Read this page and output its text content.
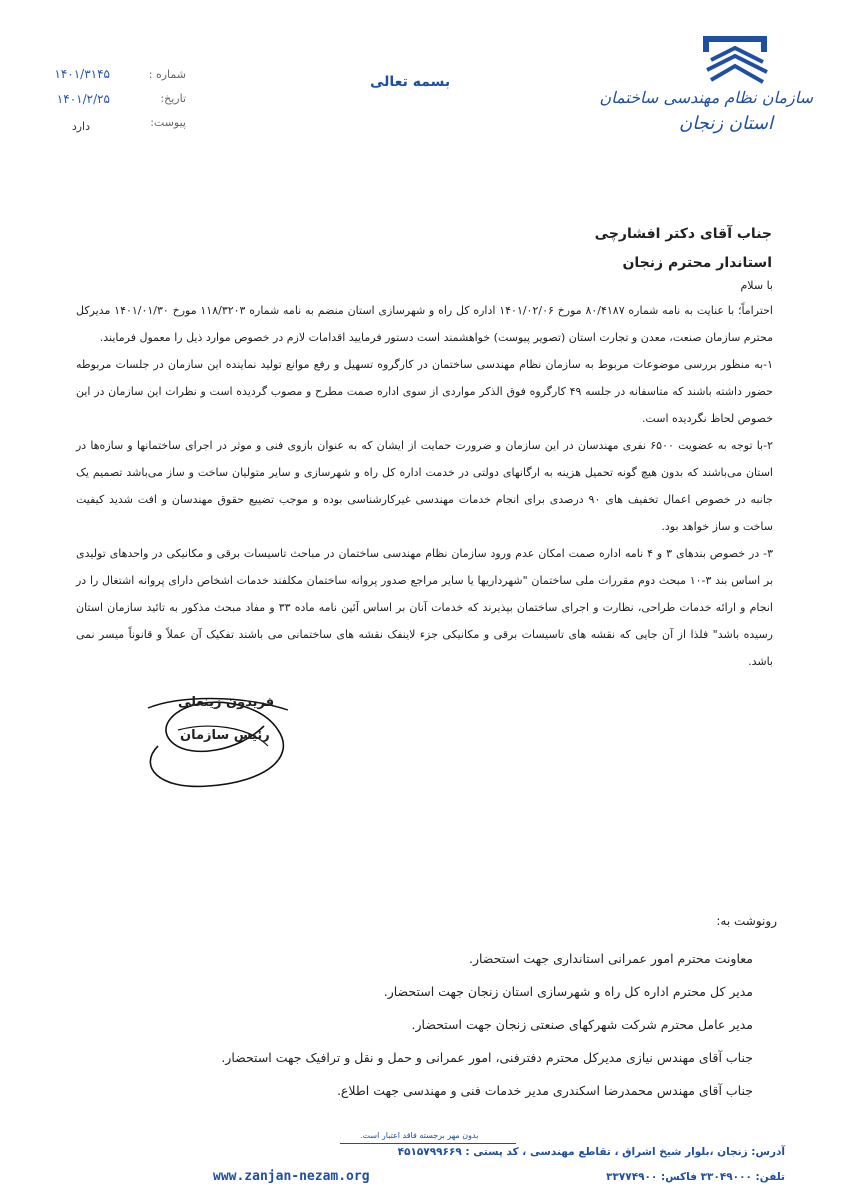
سازمان نظام مهندسی ساختمان
استان زنجان
بسمه تعالی
شماره :
۱۴۰۱/۳۱۴۵
تاریخ:
۱۴۰۱/۲/۲۵
پیوست:
دارد
جناب آقای دکتر افشارچی
استاندار محترم زنجان
با سلام

احتراماً؛ با عنایت به نامه شماره ۸۰/۴۱۸۷ مورخ ۱۴۰۱/۰۲/۰۶ اداره کل راه و شهرسازی استان منضم به نامه شماره ۱۱۸/۳۲۰۳ مورخ ۱۴۰۱/۰۱/۳۰ مدیرکل محترم سازمان صنعت، معدن و تجارت استان (تصویر پیوست) خواهشمند است دستور فرمایید اقدامات لازم در خصوص موارد ذیل را معمول فرمایند.

۱-به منظور بررسی موضوعات مربوط به سازمان نظام مهندسی ساختمان در کارگروه تسهیل و رفع موانع تولید نماینده این سازمان در جلسات مربوطه حضور داشته باشند که متاسفانه در جلسه ۴۹ کارگروه فوق الذکر مواردی از سوی اداره صمت مطرح و مصوب گردیده است و نظرات این سازمان در این خصوص لحاظ نگردیده است.

۲-با توجه به عضویت ۶۵۰۰ نفری مهندسان در این سازمان و ضرورت حمایت از ایشان که به عنوان بازوی فنی و موثر در اجرای ساختمانها و سازه‌ها در استان می‌باشند که بدون هیچ گونه تحمیل هزینه به ارگانهای دولتی در خدمت اداره کل راه و شهرسازی و سایر متولیان ساخت و ساز می‌باشد تصمیم یک جانبه در خصوص اعمال تخفیف های ۹۰ درصدی برای انجام خدمات مهندسی غیرکارشناسی بوده و موجب تضییع حقوق مهندسان و افت شدید کیفیت ساخت و ساز خواهد بود.

۳- در خصوص بندهای ۳ و ۴ نامه اداره صمت امکان عدم ورود سازمان نظام مهندسی ساختمان در مباحث تاسیسات برقی و مکانیکی در واحدهای تولیدی بر اساس بند ۳-۱۰ مبحث دوم مقررات ملی ساختمان "شهرداریها یا سایر مراجع صدور پروانه ساختمان مکلفند خدمات اشخاص دارای پروانه اشتغال را در انجام و ارائه خدمات طراحی، نظارت و اجرای ساختمان بپذیرند که خدمات آنان بر اساس آئین نامه ماده ۳۳ و مفاد مبحث مذکور به تائید سازمان استان رسیده باشد" فلذا از آن جایی که نقشه های تاسیسات برقی و مکانیکی جزء لاینفک نقشه های ساختمانی می باشند تفکیک آن عملاً و قانوناً میسر نمی باشد.

فریدون زینعلی
رئیس سازمان
رونوشت به:
معاونت محترم امور عمرانی استانداری جهت استحضار.
مدیر کل محترم اداره کل راه و شهرسازی استان زنجان جهت استحضار.
مدیر عامل محترم شرکت شهرکهای صنعتی زنجان جهت استحضار.
جناب آقای مهندس نیازی مدیرکل محترم دفترفنی، امور عمرانی و حمل و نقل و ترافیک جهت استحضار.
جناب آقای مهندس محمدرضا اسکندری مدیر خدمات فنی و مهندسی جهت اطلاع.
بدون مهر برجسته فاقد اعتبار است.
آدرس: زنجان ،بلوار شیخ اشراق ، تقاطع مهندسی ، کد پستی : ۴۵۱۵۷۹۹۶۶۹
تلفن: ۳۳۰۴۹۰۰۰ فاکس: ۳۳۷۷۴۹۰۰
www.zanjan-nezam.org
